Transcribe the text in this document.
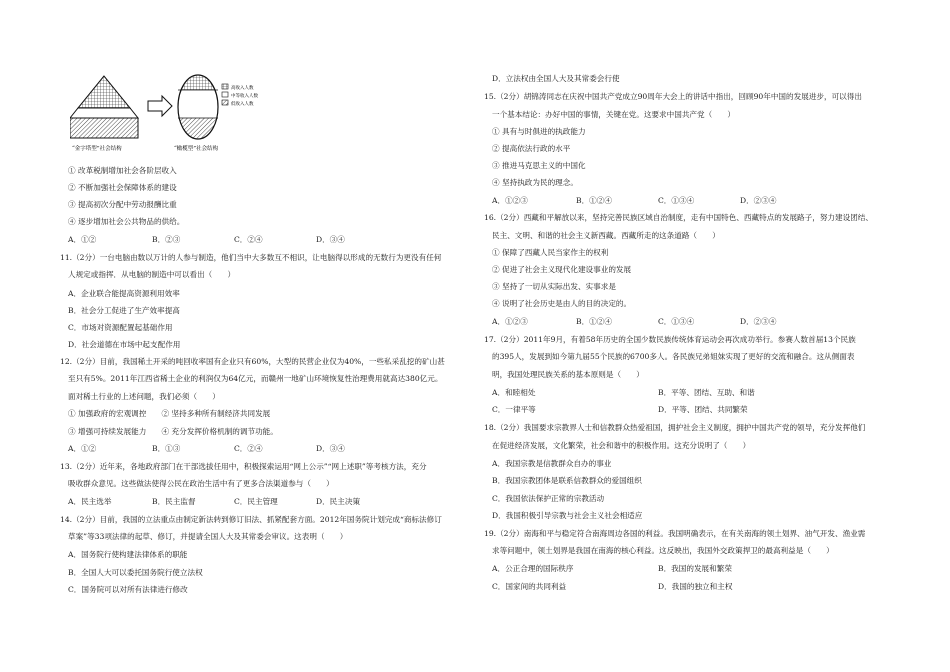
高收入人数
中等收入人数
低收入人数
“金字塔型”社会结构	“橄榄型”社会结构
① 改革税制增加社会各阶层收入
② 不断加强社会保障体系的建设
③ 提高初次分配中劳动报酬比重
④ 逐步增加社会公共物品的供给。
A．①②	B．②③	C．②④	D．③④
11.（2分）一台电脑由数以万计的人参与制造，他们当中大多数互不相识，让电脑得以形成的无数行为更没有任何
人规定或指挥．从电脑的制造中可以看出（　　）
A．企业联合能提高资源利用效率
B．社会分工促进了生产效率提高
C．市场对资源配置起基础作用
D．社会道德在市场中起支配作用
12.（2分）目前，我国稀土开采的吨回收率国有企业只有60%，大型的民营企业仅为40%，一些私采乱挖的矿山甚
至只有5%。2011年江西省稀土企业的利润仅为64亿元，而赣州一地矿山环境恢复性治理费用就高达380亿元。
面对稀土行业的上述问题，我们必须（　　）
① 加强政府的宏观调控　　② 坚持多种所有制经济共同发展
③ 增强可持续发展能力　　④ 充分发挥价格机制的调节功能。
A．①②	B．①③	C．②④	D．③④
13.（2分）近年来，各地政府部门在干部选拔任用中，积极探索运用“网上公示”“网上述职”等考核方法，充分
吸收群众意见。这些做法使得公民在政治生活中有了更多合法渠道参与（　　）
A．民主选举	B．民主监督	C．民主管理	D．民主决策
14.（2分）目前，我国的立法重点由制定新法转到修订旧法、抓紧配套方面。2012年国务院计划完成“商标法修订
草案”等33项法律的起草、修订，并提请全国人大及其常委会审议。这表明（　　）
A．国务院行使构建法律体系的职能
B．全国人大可以委托国务院行使立法权
C．国务院可以对所有法律进行修改
D．立法权由全国人大及其常委会行使
15.（2分）胡锦涛同志在庆祝中国共产党成立90周年大会上的讲话中指出，回顾90年中国的发展进步，可以得出
一个基本结论：办好中国的事情，关键在党。这要求中国共产党（　　）
① 具有与时俱进的执政能力
② 提高依法行政的水平
③ 推进马克思主义的中国化
④ 坚持执政为民的理念。
A．①②③	B．①②④	C．①③④	D．②③④
16.（2分）西藏和平解放以来，坚持完善民族区域自治制度，走有中国特色、西藏特点的发展路子，努力建设团结、
民主、文明、和谐的社会主义新西藏。西藏所走的这条道路（　　）
① 保障了西藏人民当家作主的权利
② 促进了社会主义现代化建设事业的发展
③ 坚持了一切从实际出发、实事求是
④ 说明了社会历史是由人的目的决定的。
A．①②③	B．①②④	C．①③④	D．②③④
17.（2分）2011年9月，有着58年历史的全国少数民族传统体育运动会再次成功举行。参赛人数首届13个民族
的395人，发展到如今第九届55个民族的6700多人。各民族兄弟姐妹实现了更好的交流和融合。这从侧面表
明，我国处理民族关系的基本原则是（　　）
A．和睦相处	B．平等、团结、互助、和谐
C．一律平等	D．平等、团结、共同繁荣
18.（2分）我国要求宗教界人士和信教群众热爱祖国，拥护社会主义制度，拥护中国共产党的领导，充分发挥他们
在促进经济发展，文化繁荣，社会和谐中的积极作用。这充分说明了（　　）
A．我国宗教是信教群众自办的事业
B．我国宗教团体是联系信教群众的爱国组织
C．我国依法保护正常的宗教活动
D．我国积极引导宗教与社会主义社会相适应
19.（2分）南海和平与稳定符合南海周边各国的利益。我国明确表示，在有关南海的领土划界、油气开发、渔业需
求等问题中，领土划界是我国在南海的核心利益。这反映出，我国外交政策捍卫的最高利益是（　　）
A．公正合理的国际秩序	B．我国的发展和繁荣
C．国家间的共同利益	D．我国的独立和主权
